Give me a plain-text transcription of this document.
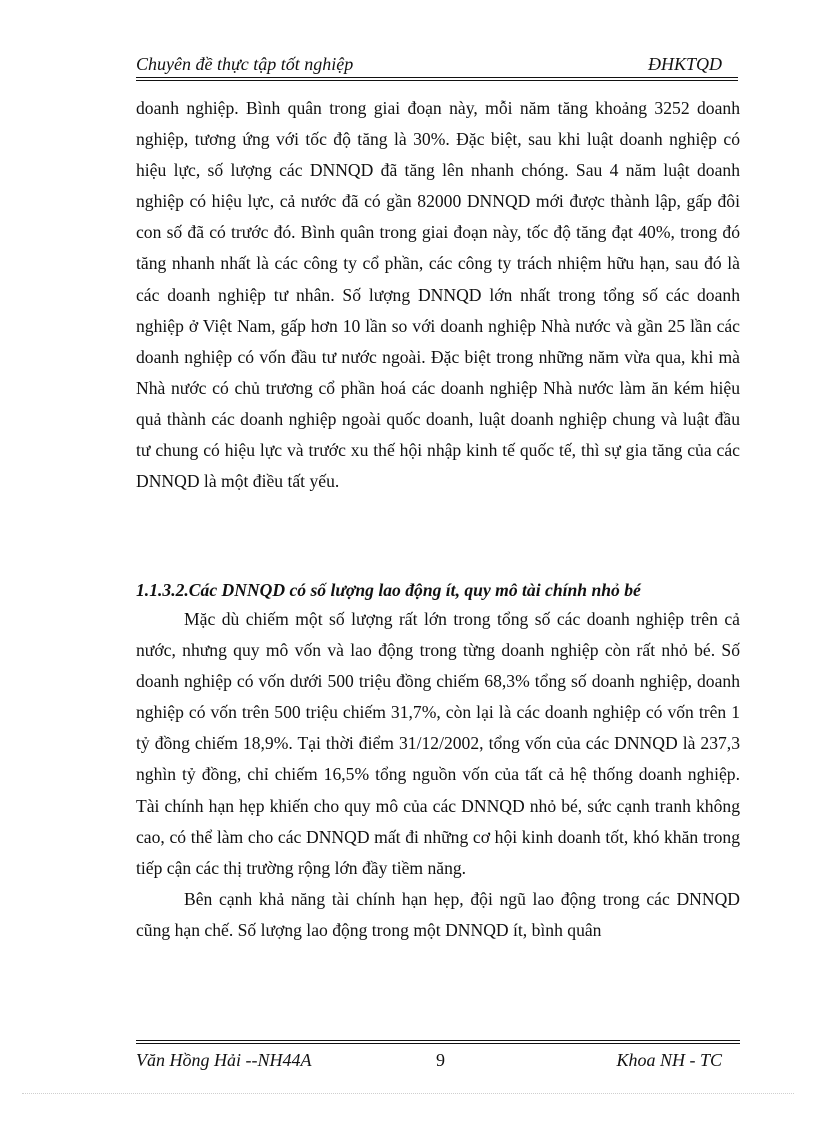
Chuyên đề thực tập tốt nghiệp	ĐHKTQD

doanh nghiệp. Bình quân trong giai đoạn này, mỗi năm tăng khoảng 3252 doanh nghiệp, tương ứng với tốc độ tăng là 30%. Đặc biệt, sau khi luật doanh nghiệp có hiệu lực, số lượng các DNNQD đã tăng lên nhanh chóng. Sau 4 năm luật doanh nghiệp có hiệu lực, cả nước đã có gần 82000 DNNQD mới được thành lập, gấp đôi con số đã có trước đó. Bình quân trong giai đoạn này, tốc độ tăng đạt 40%, trong đó tăng nhanh nhất là các công ty cổ phần, các công ty trách nhiệm hữu hạn, sau đó là các doanh nghiệp tư nhân. Số lượng DNNQD lớn nhất trong tổng số các doanh nghiệp ở Việt Nam, gấp hơn 10 lần so với doanh nghiệp Nhà nước và gần 25 lần các doanh nghiệp có vốn đầu tư nước ngoài. Đặc biệt trong những năm vừa qua, khi mà Nhà nước có chủ trương cổ phần hoá các doanh nghiệp Nhà nước làm ăn kém hiệu quả thành các doanh nghiệp ngoài quốc doanh, luật doanh nghiệp chung và luật đầu tư chung có hiệu lực và trước xu thế hội nhập kinh tế quốc tế, thì sự gia tăng của các DNNQD là một điều tất yếu.

1.1.3.2.Các DNNQD có số lượng lao động ít, quy mô tài chính nhỏ bé

Mặc dù chiếm một số lượng rất lớn trong tổng số các doanh nghiệp trên cả nước, nhưng quy mô vốn và lao động trong từng doanh nghiệp còn rất nhỏ bé. Số doanh nghiệp có vốn dưới 500 triệu đồng chiếm 68,3% tổng số doanh nghiệp, doanh nghiệp có vốn trên 500 triệu chiếm 31,7%, còn lại là các doanh nghiệp có vốn trên 1 tỷ đồng chiếm 18,9%. Tại thời điểm 31/12/2002, tổng vốn của các DNNQD là 237,3 nghìn tỷ đồng, chỉ chiếm 16,5% tổng nguồn vốn của tất cả hệ thống doanh nghiệp. Tài chính hạn hẹp khiến cho quy mô của các DNNQD nhỏ bé, sức cạnh tranh không cao, có thể làm cho các DNNQD mất đi những cơ hội kinh doanh tốt, khó khăn trong tiếp cận các thị trường rộng lớn đầy tiềm năng.

Bên cạnh khả năng tài chính hạn hẹp, đội ngũ lao động trong các DNNQD cũng hạn chế. Số lượng lao động trong một DNNQD ít, bình quân

Văn Hồng Hải --NH44A	9	Khoa NH - TC
